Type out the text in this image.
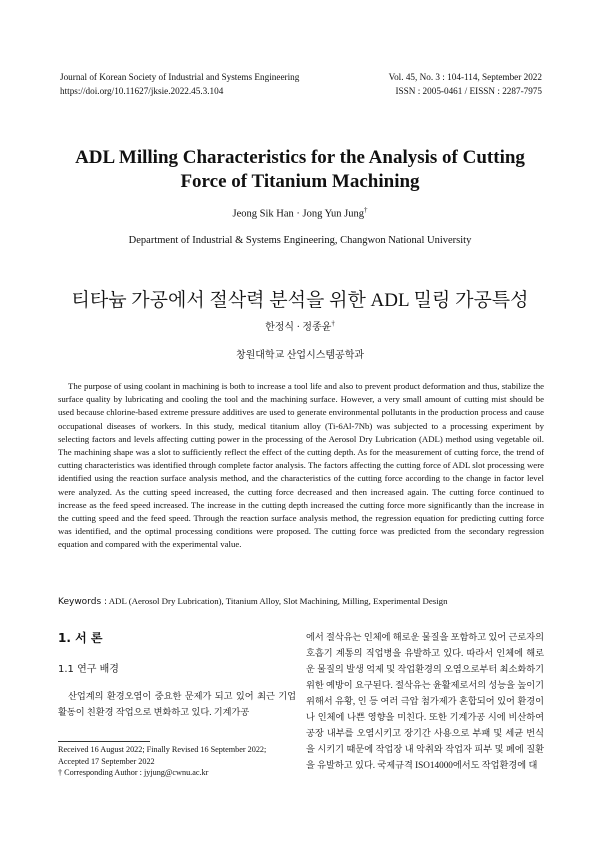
Journal of Korean Society of Industrial and Systems Engineering
https://doi.org/10.11627/jksie.2022.45.3.104
Vol. 45, No. 3 : 104-114, September 2022
ISSN : 2005-0461 / EISSN : 2287-7975
ADL Milling Characteristics for the Analysis of Cutting
Force of Titanium Machining
Jeong Sik Han · Jong Yun Jung†
Department of Industrial & Systems Engineering, Changwon National University
티타늄 가공에서 절삭력 분석을 위한 ADL 밀링 가공특성
한정식 · 정종윤†
창원대학교 산업시스템공학과

The purpose of using coolant in machining is both to increase a tool life and also to prevent product deformation and thus, stabilize the surface quality by lubricating and cooling the tool and the machining surface. However, a very small amount of cutting mist should be used because chlorine-based extreme pressure additives are used to generate environmental pollutants in the production process and cause occupational diseases of workers. In this study, medical titanium alloy (Ti-6Al-7Nb) was subjected to a processing experiment by selecting factors and levels affecting cutting power in the processing of the Aerosol Dry Lubrication (ADL) method using vegetable oil. The machining shape was a slot to sufficiently reflect the effect of the cutting depth. As for the measurement of cutting force, the trend of cutting characteristics was identified through complete factor analysis. The factors affecting the cutting force of ADL slot processing were identified using the reaction surface analysis method, and the characteristics of the cutting force according to the change in factor level were analyzed. As the cutting speed increased, the cutting force decreased and then increased again. The cutting force continued to increase as the feed speed increased. The increase in the cutting depth increased the cutting force more significantly than the increase in the cutting speed and the feed speed. Through the reaction surface analysis method, the regression equation for predicting cutting force was identified, and the optimal processing conditions were proposed. The cutting force was predicted from the secondary regression equation and compared with the experimental value.

Keywords : ADL (Aerosol Dry Lubrication), Titanium Alloy, Slot Machining, Milling, Experimental Design
1. 서 론
1.1 연구 배경

산업계의 환경오염이 중요한 문제가 되고 있어 최근 기업 활동이 친환경 작업으로 변화하고 있다. 기계가공

Received 16 August 2022; Finally Revised 16 September 2022; Accepted 17 September 2022
† Corresponding Author : jyjung@cwnu.ac.kr

에서 절삭유는 인체에 해로운 물질을 포함하고 있어 근로자의 호흡기 계통의 직업병을 유발하고 있다. 따라서 인체에 해로운 물질의 발생 억제 및 작업환경의 오염으로부터 최소화하기 위한 예방이 요구된다. 절삭유는 윤활제로서의 성능을 높이기 위해서 유황, 인 등 여러 극압 첨가제가 혼합되어 있어 환경이나 인체에 나쁜 영향을 미친다. 또한 기계가공 시에 비산하여 공장 내부를 오염시키고 장기간 사용으로 부패 및 세균 번식을 시키기 때문에 작업장 내 악취와 작업자 피부 및 폐에 질환을 유발하고 있다. 국제규격 ISO14000에서도 작업환경에 대
